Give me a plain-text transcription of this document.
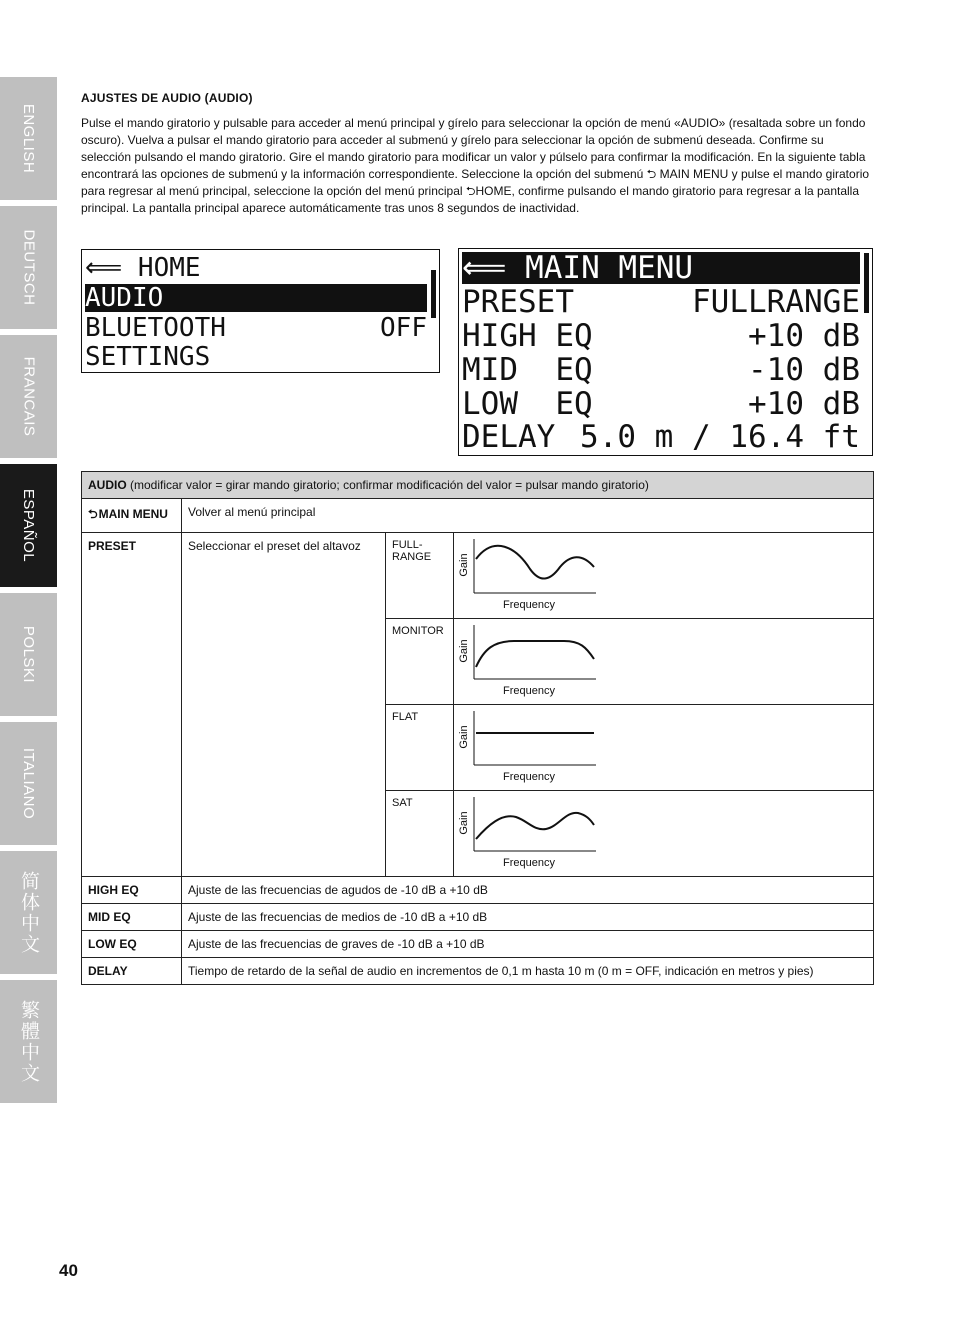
ENGLISH
DEUTSCH
FRANCAIS
ESPAÑOL
POLSKI
ITALIANO
简体中文
繁體中文
AJUSTES DE AUDIO (AUDIO)

Pulse el mando giratorio y pulsable para acceder al menú principal y gírelo para seleccionar la opción de menú «AUDIO» (resaltada sobre un fondo oscuro). Vuelva a pulsar el mando giratorio para acceder al submenú y gírelo para seleccionar la opción de submenú deseada. Confirme su selección pulsando el mando giratorio. Gire el mando giratorio para modificar un valor y púlselo para confirmar la modificación. En la siguiente tabla encontrará las opciones de submenú y la información correspondiente. Seleccione la opción del submenú ⮌ MAIN MENU y pulse el mando giratorio para regresar al menú principal, seleccione la opción del menú principal ⮌HOME, confirme pulsando el mando giratorio para regresar a la pantalla principal. La pantalla principal aparece automáticamente tras unos 8 segundos de inactividad.

⟸ HOME
AUDIO
BLUETOOTH	OFF
SETTINGS
⟸ MAIN MENU
PRESET	FULLRANGE
HIGH EQ	+10 dB
MID  EQ	-10 dB
LOW  EQ	+10 dB
DELAY 5.0 m / 16.4 ft
AUDIO (modificar valor = girar mando giratorio; confirmar modificación del valor = pulsar mando giratorio)			
⮌MAIN MENU	Volver al menú principal		
PRESET	Seleccionar el preset del altavoz	FULL-
RANGE	Gain
Frequency

		MONITOR	Gain
Frequency

		FLAT	Gain
Frequency

		SAT	Gain
Frequency

HIGH EQ	Ajuste de las frecuencias de agudos de -10 dB a +10 dB		
MID EQ	Ajuste de las frecuencias de medios de -10 dB a +10 dB		
LOW EQ	Ajuste de las frecuencias de graves de -10 dB a +10 dB		
DELAY	Tiempo de retardo de la señal de audio en incrementos de 0,1 m hasta 10 m (0 m = OFF, indicación en metros y pies)		
40
